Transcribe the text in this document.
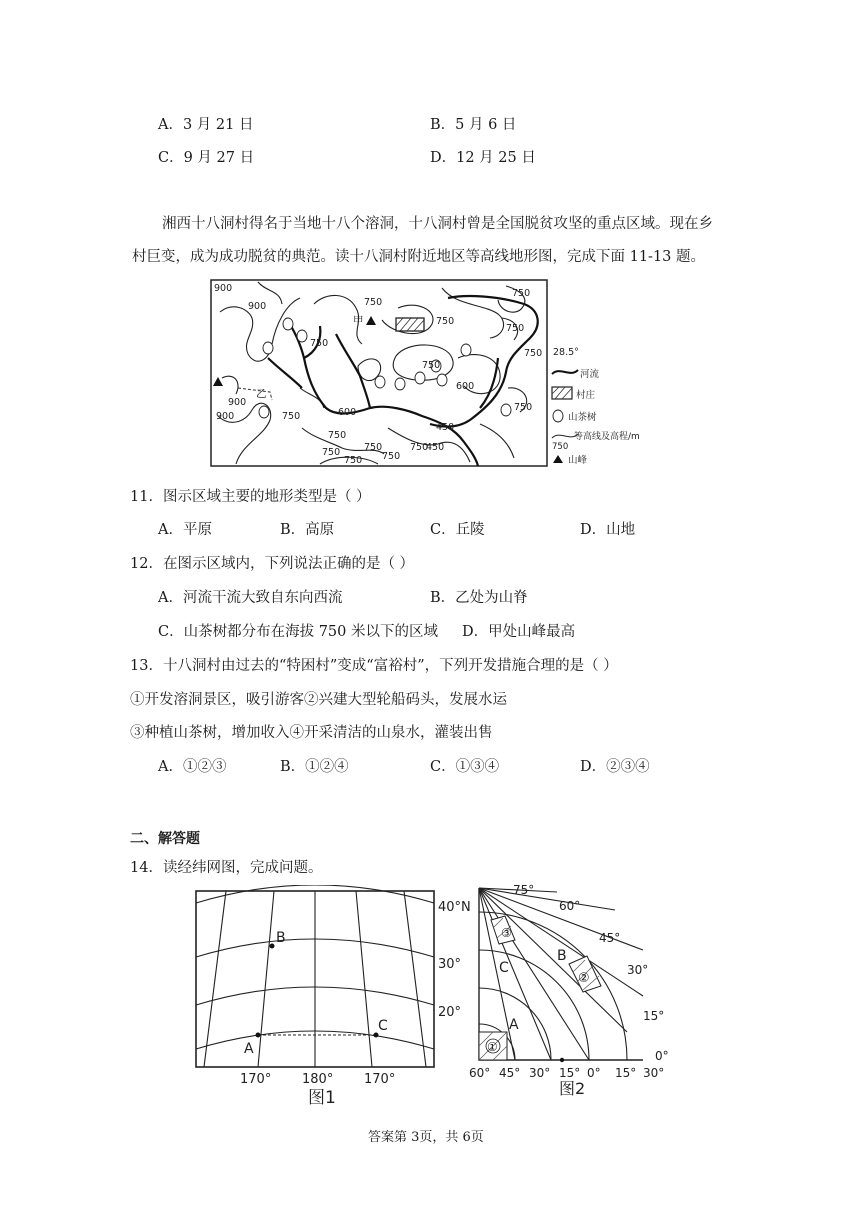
A．3 月 21 日	B．5 月 6 日
C．9 月 27 日	D．12 月 25 日
湘西十八洞村得名于当地十八个溶洞，十八洞村曾是全国脱贫攻坚的重点区域。现在乡
村巨变，成为成功脱贫的典范。读十八洞村附近地区等高线地形图，完成下面 11-13 题。
900
900	750
750
750
750
750
750
750
600
750
900
900	750	600
450
750
750
750
750
750
450
750
甲
乙
28.5°
河流
村庄
山茶树
等高线及高程/m
750
山峰
11．图示区域主要的地形类型是（ ）
A．平原	B．高原	C．丘陵	D．山地
12．在图示区域内，下列说法正确的是（ ）
A．河流干流大致自东向西流	B．乙处为山脊
C．山茶树都分布在海拔 750 米以下的区域 D．甲处山峰最高
13．十八洞村由过去的“特困村”变成“富裕村”，下列开发措施合理的是（ ）
①开发溶洞景区，吸引游客②兴建大型轮船码头，发展水运
③种植山茶树，增加收入④开采清洁的山泉水，灌装出售
A．①②③	B．①②④	C．①③④	D．②③④
二、解答题
14．读经纬网图，完成问题。
A
B
C
40°N
30°
20°
170° 180° 170°
图1
①
②
③
A
B
C
75°
60°
45°
30°
15°
0°
60° 45° 30° 15° 0° 15° 30°
图2
答案第 3页，共 6页
